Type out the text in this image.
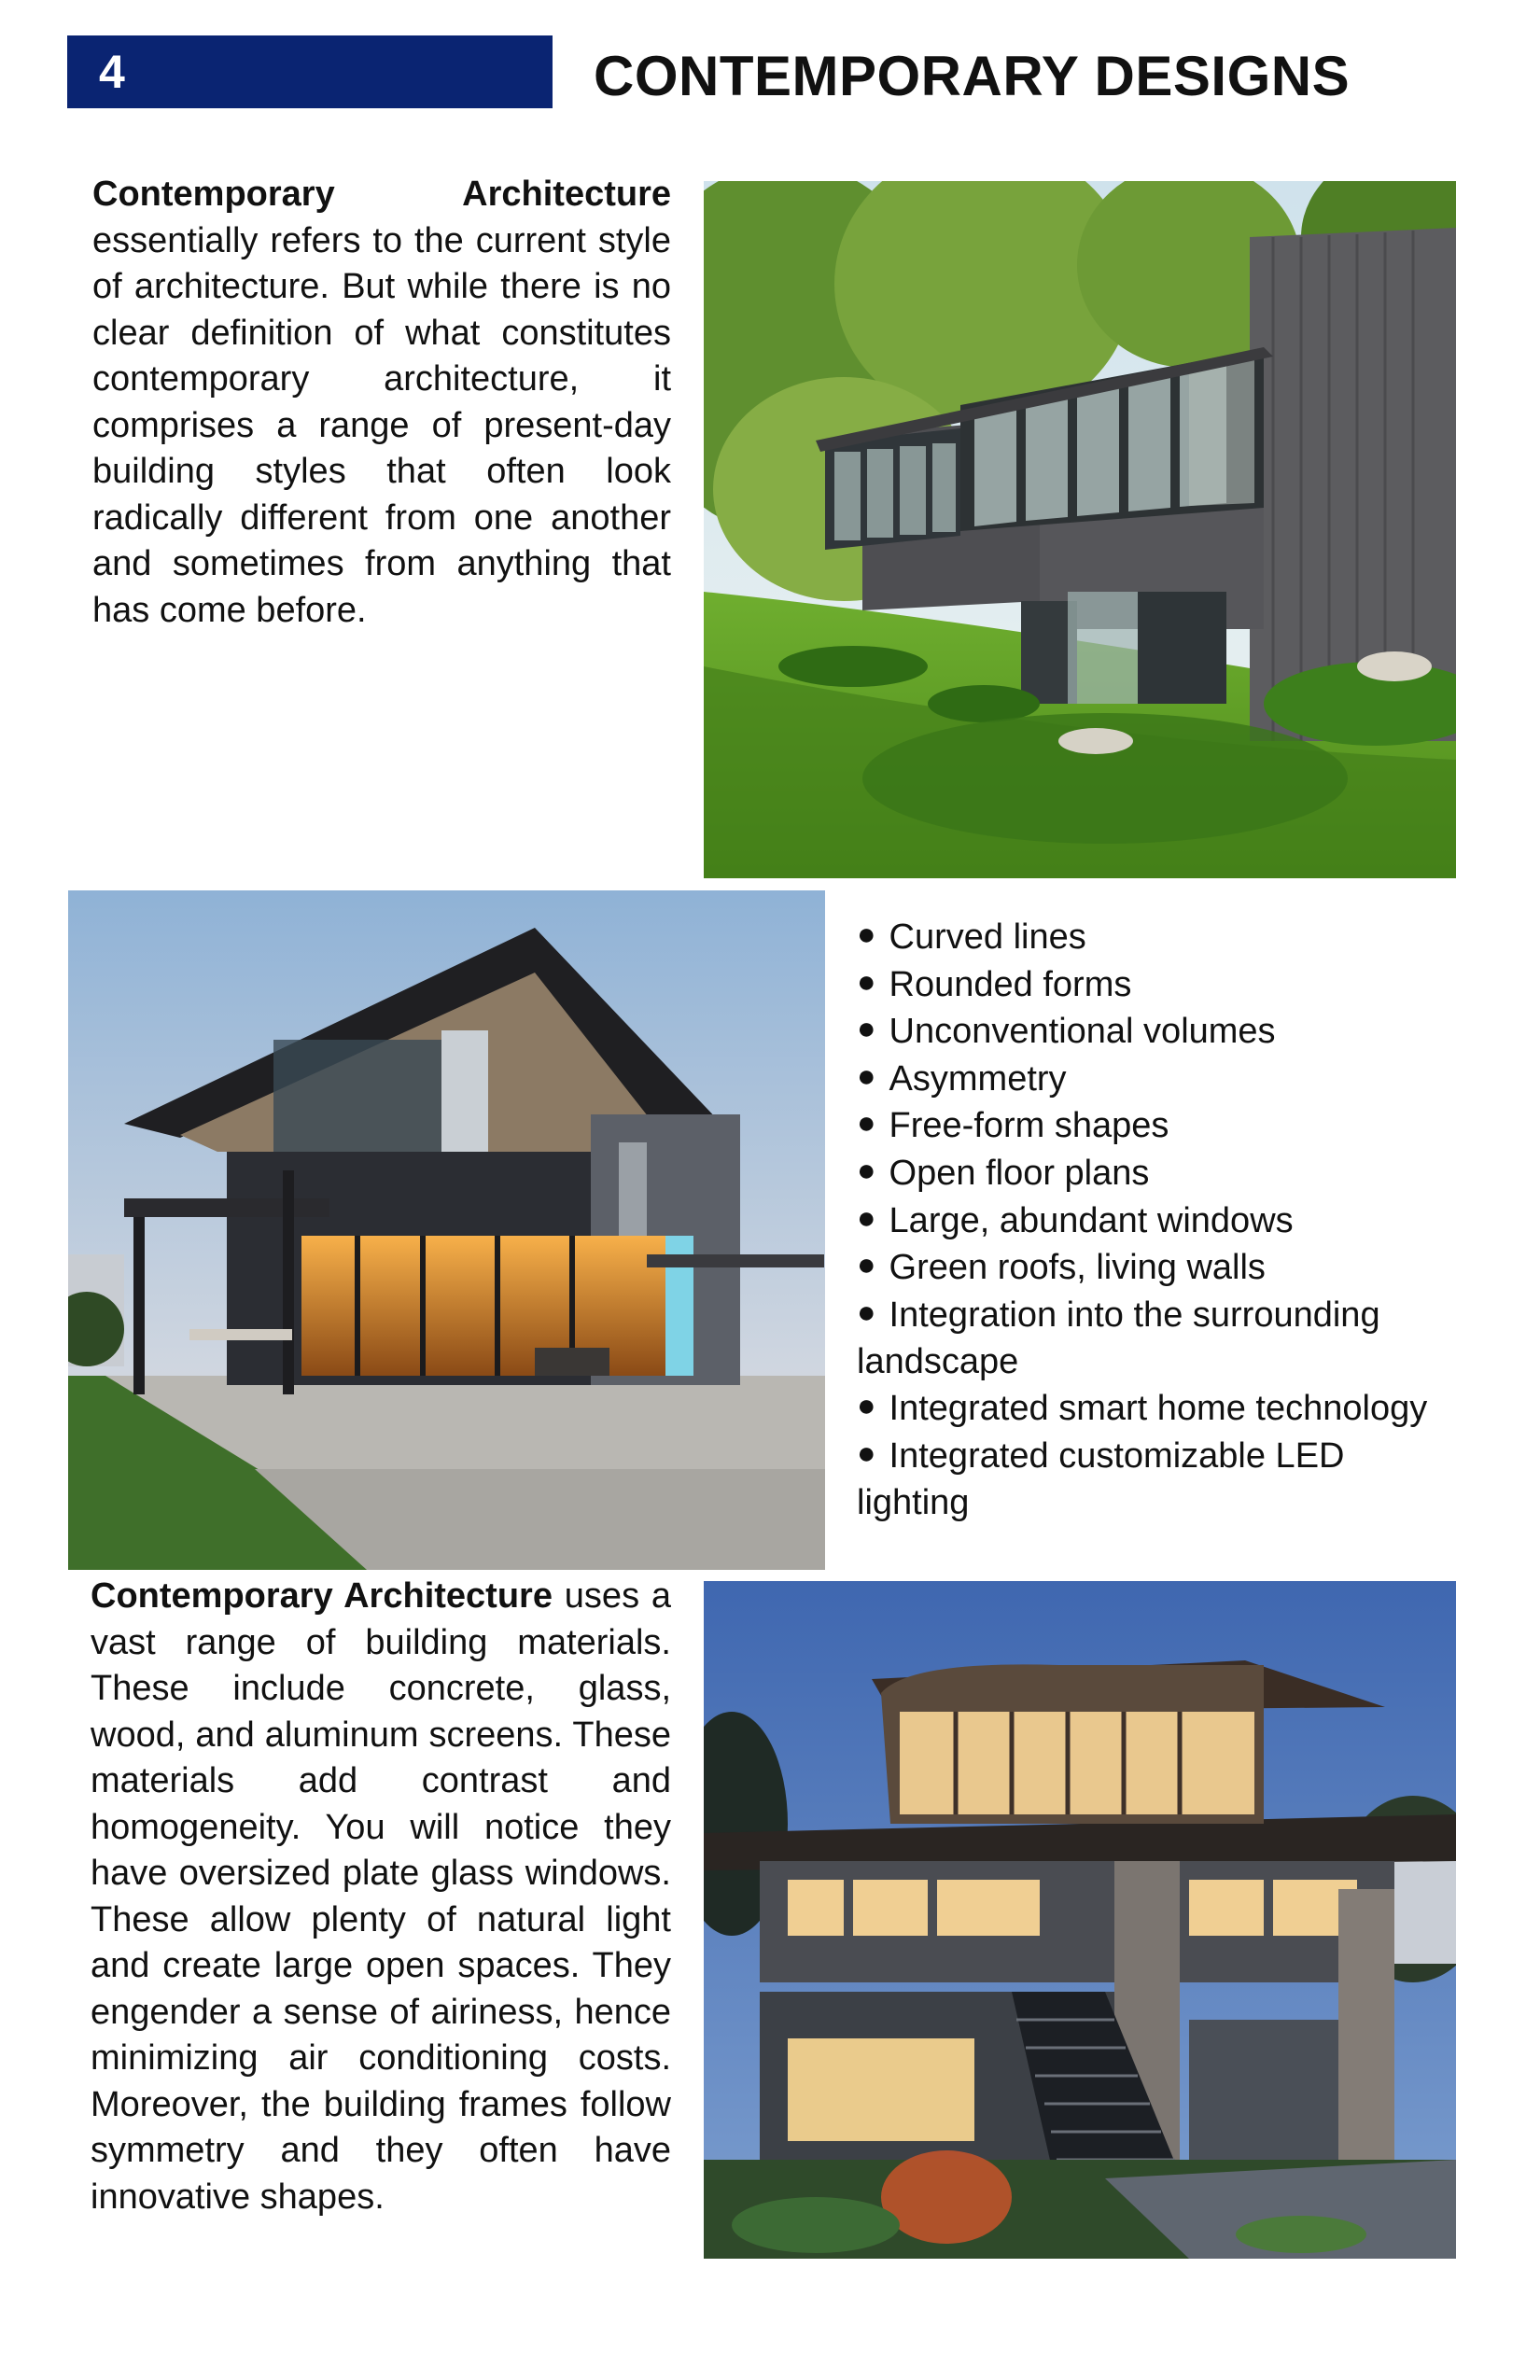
4	CONTEMPORARY DESIGNS
Contemporary Architecture essentially refers to the current style of architecture. But while there is no clear definition of what constitutes contemporary architecture, it comprises a range of present-day building styles that often look radically different from one another and sometimes from anything that has come before.
● Curved lines
● Rounded forms
● Unconventional volumes
● Asymmetry
● Free-form shapes
● Open floor plans
● Large, abundant windows
● Green roofs, living walls
● Integration into the surrounding landscape
● Integrated smart home technology
● Integrated customizable LED lighting
Contemporary Architecture uses a vast range of building materials. These include concrete, glass, wood, and aluminum screens. These materials add contrast and homogeneity. You will notice they have oversized plate glass windows. These allow plenty of natural light and create large open spaces. They engender a sense of airiness, hence minimizing air conditioning costs. Moreover, the building frames follow symmetry and they often have innovative shapes.
